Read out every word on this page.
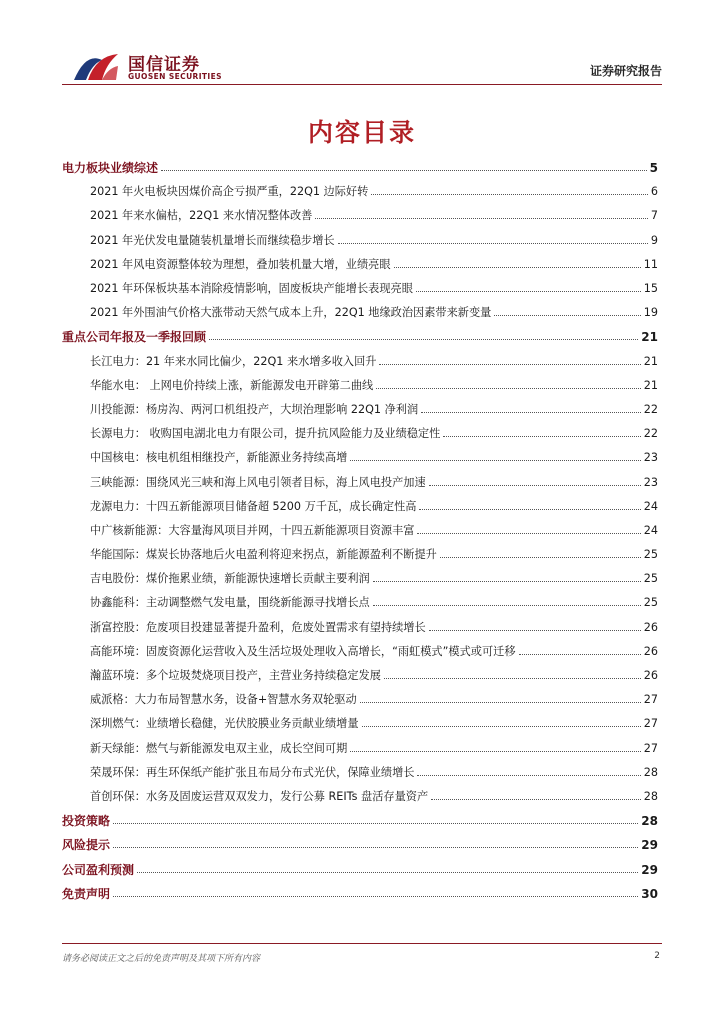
国信证券
GUOSEN SECURITIES	证券研究报告
内容目录
电力板块业绩综述	5
2021 年火电板块因煤价高企亏损严重，22Q1 边际好转	6
2021 年来水偏枯，22Q1 来水情况整体改善	7
2021 年光伏发电量随装机量增长而继续稳步增长	9
2021 年风电资源整体较为理想，叠加装机量大增，业绩亮眼	11
2021 年环保板块基本消除疫情影响，固废板块产能增长表现亮眼	15
2021 年外围油气价格大涨带动天然气成本上升，22Q1 地缘政治因素带来新变量	19
重点公司年报及一季报回顾	21
长江电力：21 年来水同比偏少，22Q1 来水增多收入回升	21
华能水电： 上网电价持续上涨，新能源发电开辟第二曲线	21
川投能源：杨房沟、两河口机组投产，大坝治理影响 22Q1 净利润	22
长源电力： 收购国电湖北电力有限公司，提升抗风险能力及业绩稳定性	22
中国核电：核电机组相继投产，新能源业务持续高增	23
三峡能源：围绕风光三峡和海上风电引领者目标，海上风电投产加速	23
龙源电力：十四五新能源项目储备超 5200 万千瓦，成长确定性高	24
中广核新能源：大容量海风项目并网，十四五新能源项目资源丰富	24
华能国际：煤炭长协落地后火电盈利将迎来拐点，新能源盈利不断提升	25
吉电股份：煤价拖累业绩，新能源快速增长贡献主要利润	25
协鑫能科：主动调整燃气发电量，围绕新能源寻找增长点	25
浙富控股：危废项目投建显著提升盈利，危废处置需求有望持续增长	26
高能环境：固废资源化运营收入及生活垃圾处理收入高增长，“雨虹模式”模式或可迁移	26
瀚蓝环境：多个垃圾焚烧项目投产，主营业务持续稳定发展	26
威派格：大力布局智慧水务，设备+智慧水务双轮驱动	27
深圳燃气：业绩增长稳健，光伏胶膜业务贡献业绩增量	27
新天绿能：燃气与新能源发电双主业，成长空间可期	27
荣晟环保：再生环保纸产能扩张且布局分布式光伏，保障业绩增长	28
首创环保：水务及固废运营双双发力，发行公募 REITs 盘活存量资产	28
投资策略	28
风险提示	29
公司盈利预测	29
免责声明	30
请务必阅读正文之后的免责声明及其项下所有内容	2
